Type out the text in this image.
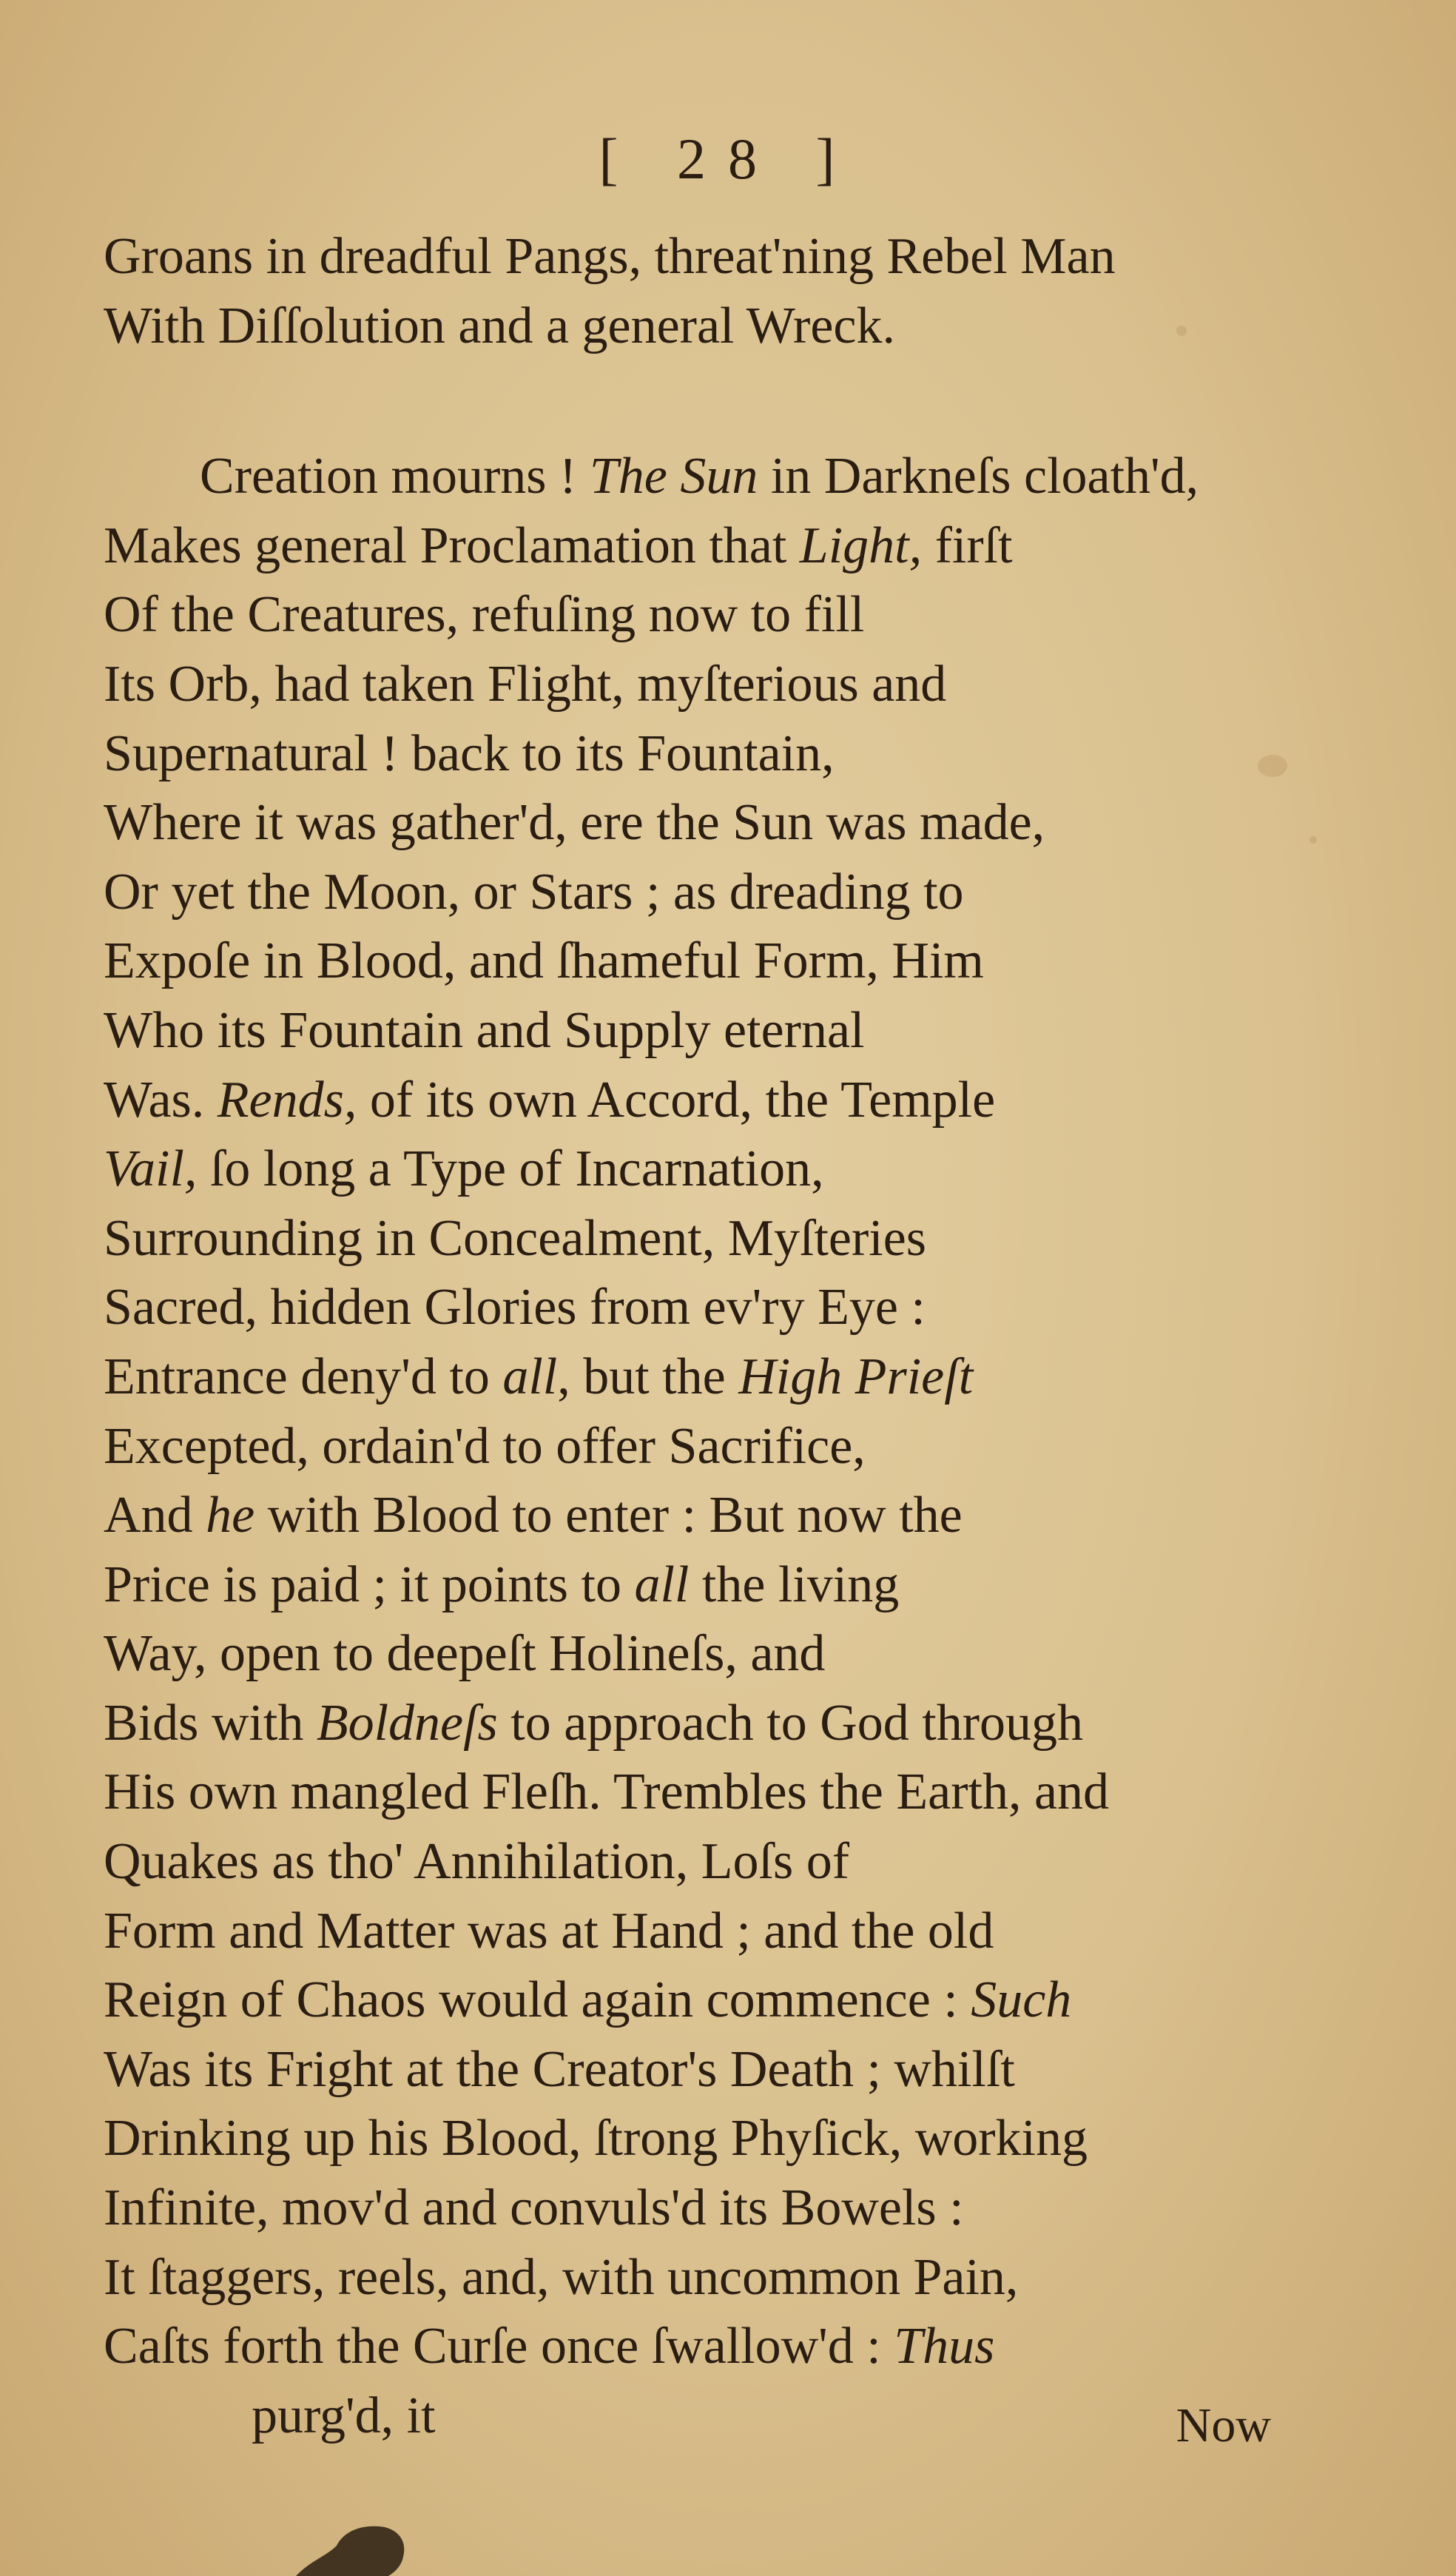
[ 28 ]
Groans in dreadful Pangs, threat'ning Rebel Man
With Diſſolution and a general Wreck.
Creation mourns ! The Sun in Darkneſs cloath'd,
Makes general Proclamation that Light, firſt
Of the Creatures, refuſing now to fill
Its Orb, had taken Flight, myſterious and
Supernatural ! back to its Fountain,
Where it was gather'd, ere the Sun was made,
Or yet the Moon, or Stars ; as dreading to
Expoſe in Blood, and ſhameful Form, Him
Who its Fountain and Supply eternal
Was. Rends, of its own Accord, the Temple
Vail, ſo long a Type of Incarnation,
Surrounding in Concealment, Myſteries
Sacred, hidden Glories from ev'ry Eye :
Entrance deny'd to all, but the High Prieſt
Excepted, ordain'd to offer Sacrifice,
And he with Blood to enter : But now the
Price is paid ; it points to all the living
Way, open to deepeſt Holineſs, and
Bids with Boldneſs to approach to God through
His own mangled Fleſh. Trembles the Earth, and
Quakes as tho' Annihilation, Loſs of
Form and Matter was at Hand ; and the old
Reign of Chaos would again commence : Such
Was its Fright at the Creator's Death ; whilſt
Drinking up his Blood, ſtrong Phyſick, working
Infinite, mov'd and convuls'd its Bowels :
It ſtaggers, reels, and, with uncommon Pain,
Caſts forth the Curſe once ſwallow'd : Thus
purg'd, it	Now
